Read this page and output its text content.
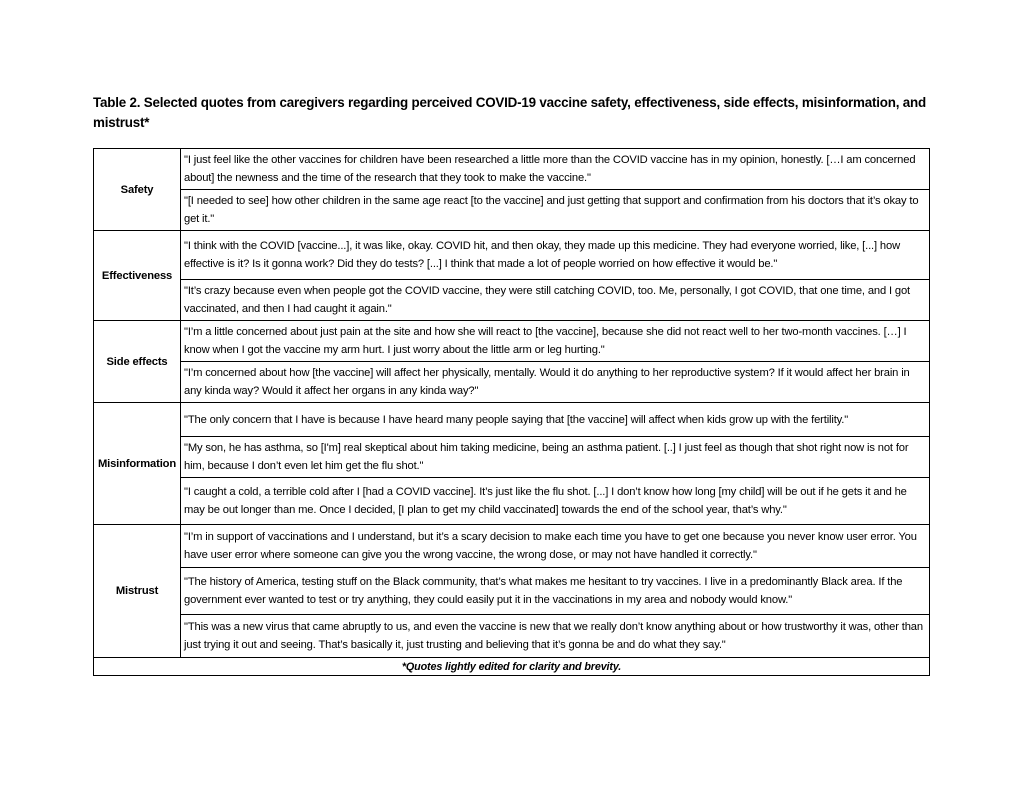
Table 2. Selected quotes from caregivers regarding perceived COVID-19 vaccine safety, effectiveness, side effects, misinformation, and mistrust*
Safety	"I just feel like the other vaccines for children have been researched a little more than the COVID vaccine has in my opinion, honestly. […I am concerned about] the newness and the time of the research that they took to make the vaccine."
	"[I needed to see] how other children in the same age react [to the vaccine] and just getting that support and confirmation from his doctors that it’s okay to get it."
Effectiveness	"I think with the COVID [vaccine...], it was like, okay. COVID hit, and then okay, they made up this medicine. They had everyone worried, like, [...] how effective is it? Is it gonna work? Did they do tests? [...] I think that made a lot of people worried on how effective it would be."
	"It’s crazy because even when people got the COVID vaccine, they were still catching COVID, too. Me, personally, I got COVID, that one time, and I got vaccinated, and then I had caught it again."
Side effects	"I’m a little concerned about just pain at the site and how she will react to [the vaccine], because she did not react well to her two-month vaccines. […] I know when I got the vaccine my arm hurt. I just worry about the little arm or leg hurting."
	"I’m concerned about how [the vaccine] will affect her physically, mentally. Would it do anything to her reproductive system? If it would affect her brain in any kinda way? Would it affect her organs in any kinda way?"
Misinformation	"The only concern that I have is because I have heard many people saying that [the vaccine] will affect when kids grow up with the fertility."
	"My son, he has asthma, so [I'm] real skeptical about him taking medicine, being an asthma patient. [..] I just feel as though that shot right now is not for him, because I don’t even let him get the flu shot."
	"I caught a cold, a terrible cold after I [had a COVID vaccine]. It’s just like the flu shot. [...] I don’t know how long [my child] will be out if he gets it and he may be out longer than me. Once I decided, [I plan to get my child vaccinated] towards the end of the school year, that’s why."
Mistrust	"I’m in support of vaccinations and I understand, but it’s a scary decision to make each time you have to get one because you never know user error. You have user error where someone can give you the wrong vaccine, the wrong dose, or may not have handled it correctly."
	"The history of America, testing stuff on the Black community, that’s what makes me hesitant to try vaccines. I live in a predominantly Black area. If the government ever wanted to test or try anything, they could easily put it in the vaccinations in my area and nobody would know."
	"This was a new virus that came abruptly to us, and even the vaccine is new that we really don’t know anything about or how trustworthy it was, other than just trying it out and seeing. That’s basically it, just trusting and believing that it’s gonna be and do what they say."
*Quotes lightly edited for clarity and brevity.	
